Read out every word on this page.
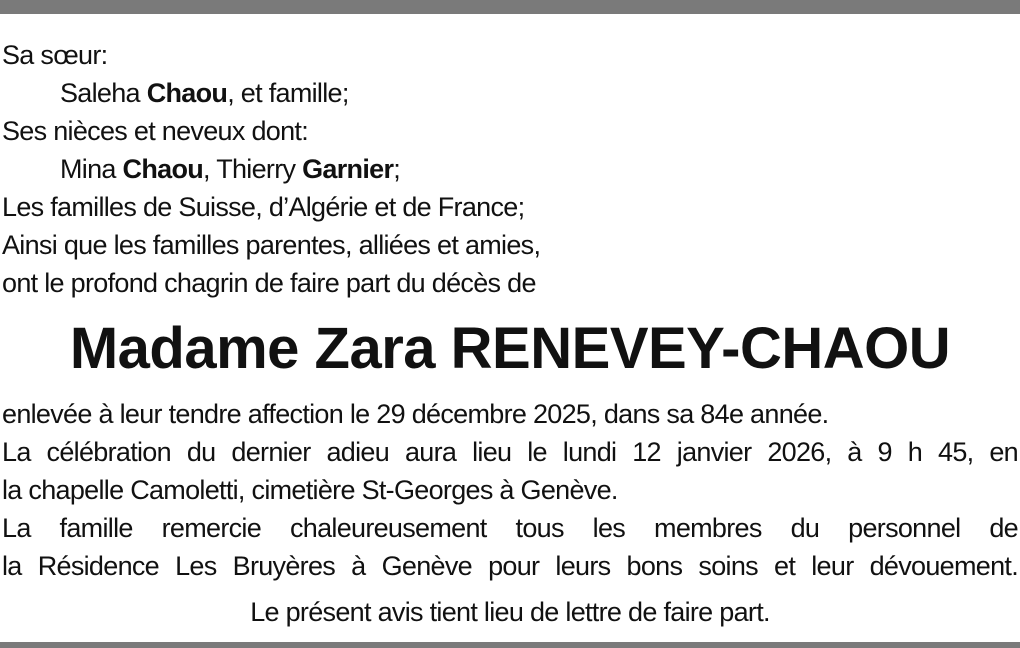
Sa sœur:
Saleha Chaou, et famille;
Ses nièces et neveux dont:
Mina Chaou, Thierry Garnier;
Les familles de Suisse, d’Algérie et de France;
Ainsi que les familles parentes, alliées et amies,
ont le profond chagrin de faire part du décès de
Madame Zara RENEVEY-CHAOU
enlevée à leur tendre affection le 29 décembre 2025, dans sa 84e année.
La célébration du dernier adieu aura lieu le lundi 12 janvier 2026, à 9 h 45, en
la chapelle Camoletti, cimetière St-Georges à Genève.
La famille remercie chaleureusement tous les membres du personnel de
la Résidence Les Bruyères à Genève pour leurs bons soins et leur dévouement.
Le présent avis tient lieu de lettre de faire part.
